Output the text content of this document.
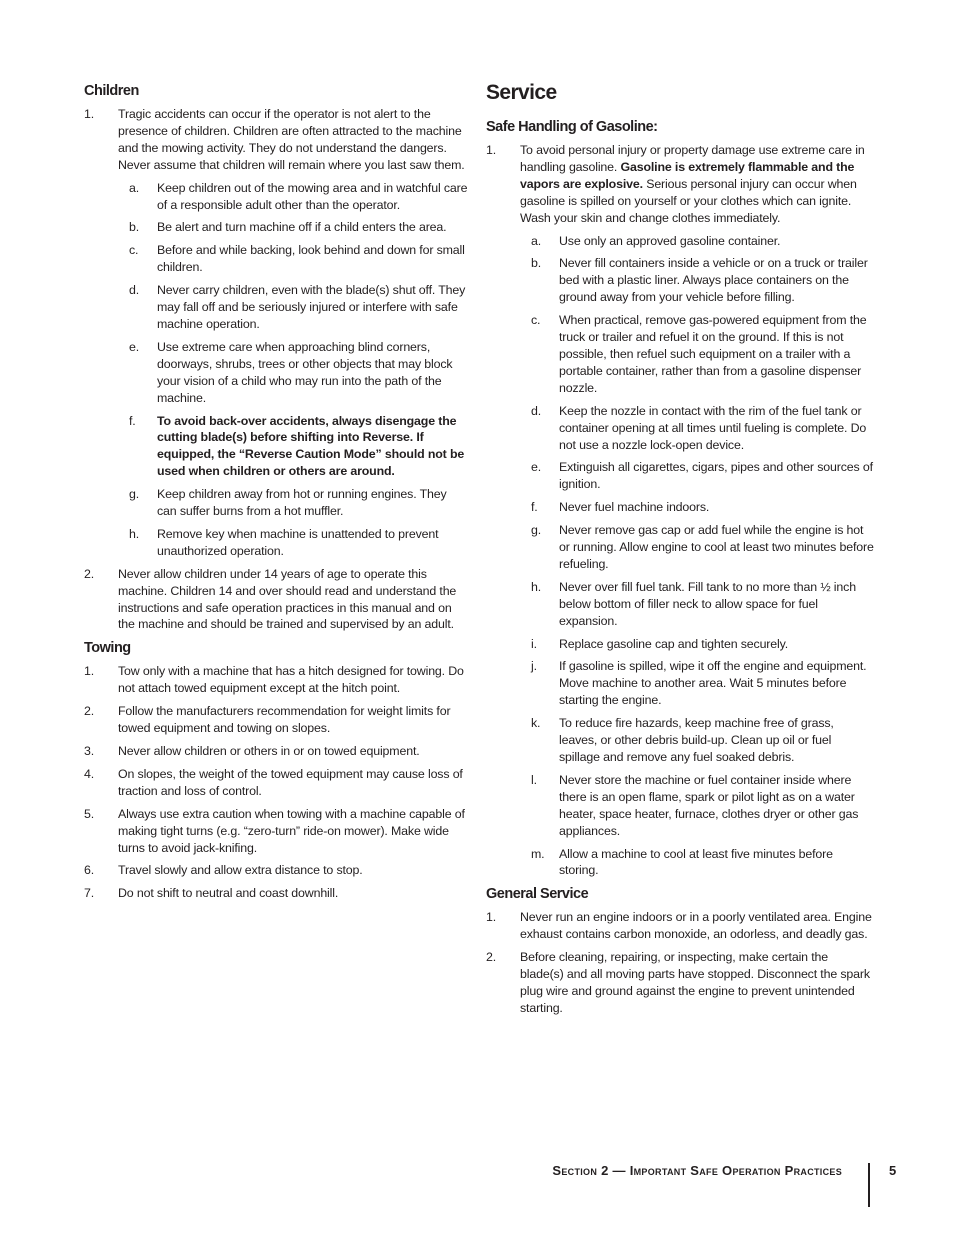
Children
1. Tragic accidents can occur if the operator is not alert to the presence of children. Children are often attracted to the machine and the mowing activity. They do not understand the dangers. Never assume that children will remain where you last saw them.
a. Keep children out of the mowing area and in watchful care of a responsible adult other than the operator.
b. Be alert and turn machine off if a child enters the area.
c. Before and while backing, look behind and down for small children.
d. Never carry children, even with the blade(s) shut off. They may fall off and be seriously injured or interfere with safe machine operation.
e. Use extreme care when approaching blind corners, doorways, shrubs, trees or other objects that may block your vision of a child who may run into the path of the machine.
f. To avoid back-over accidents, always disengage the cutting blade(s) before shifting into Reverse. If equipped, the “Reverse Caution Mode” should not be used when children or others are around.
g. Keep children away from hot or running engines. They can suffer burns from a hot muffler.
h. Remove key when machine is unattended to prevent unauthorized operation.
2. Never allow children under 14 years of age to operate this machine. Children 14 and over should read and understand the instructions and safe operation practices in this manual and on the machine and should be trained and supervised by an adult.
Towing
1. Tow only with a machine that has a hitch designed for towing. Do not attach towed equipment except at the hitch point.
2. Follow the manufacturers recommendation for weight limits for towed equipment and towing on slopes.
3. Never allow children or others in or on towed equipment.
4. On slopes, the weight of the towed equipment may cause loss of traction and loss of control.
5. Always use extra caution when towing with a machine capable of making tight turns (e.g. “zero-turn” ride-on mower). Make wide turns to avoid jack-knifing.
6. Travel slowly and allow extra distance to stop.
7. Do not shift to neutral and coast downhill.
Service
Safe Handling of Gasoline:
1. To avoid personal injury or property damage use extreme care in handling gasoline. Gasoline is extremely flammable and the vapors are explosive. Serious personal injury can occur when gasoline is spilled on yourself or your clothes which can ignite. Wash your skin and change clothes immediately.
a. Use only an approved gasoline container.
b. Never fill containers inside a vehicle or on a truck or trailer bed with a plastic liner. Always place containers on the ground away from your vehicle before filling.
c. When practical, remove gas-powered equipment from the truck or trailer and refuel it on the ground. If this is not possible, then refuel such equipment on a trailer with a portable container, rather than from a gasoline dispenser nozzle.
d. Keep the nozzle in contact with the rim of the fuel tank or container opening at all times until fueling is complete. Do not use a nozzle lock-open device.
e. Extinguish all cigarettes, cigars, pipes and other sources of ignition.
f. Never fuel machine indoors.
g. Never remove gas cap or add fuel while the engine is hot or running. Allow engine to cool at least two minutes before refueling.
h. Never over fill fuel tank. Fill tank to no more than ½ inch below bottom of filler neck to allow space for fuel expansion.
i. Replace gasoline cap and tighten securely.
j. If gasoline is spilled, wipe it off the engine and equipment. Move machine to another area. Wait 5 minutes before starting the engine.
k. To reduce fire hazards, keep machine free of grass, leaves, or other debris build-up. Clean up oil or fuel spillage and remove any fuel soaked debris.
l. Never store the machine or fuel container inside where there is an open flame, spark or pilot light as on a water heater, space heater, furnace, clothes dryer or other gas appliances.
m. Allow a machine to cool at least five minutes before storing.
General Service
1. Never run an engine indoors or in a poorly ventilated area. Engine exhaust contains carbon monoxide, an odorless, and deadly gas.
2. Before cleaning, repairing, or inspecting, make certain the blade(s) and all moving parts have stopped. Disconnect the spark plug wire and ground against the engine to prevent unintended starting.
Section 2 — Important Safe Operation Practices	5
